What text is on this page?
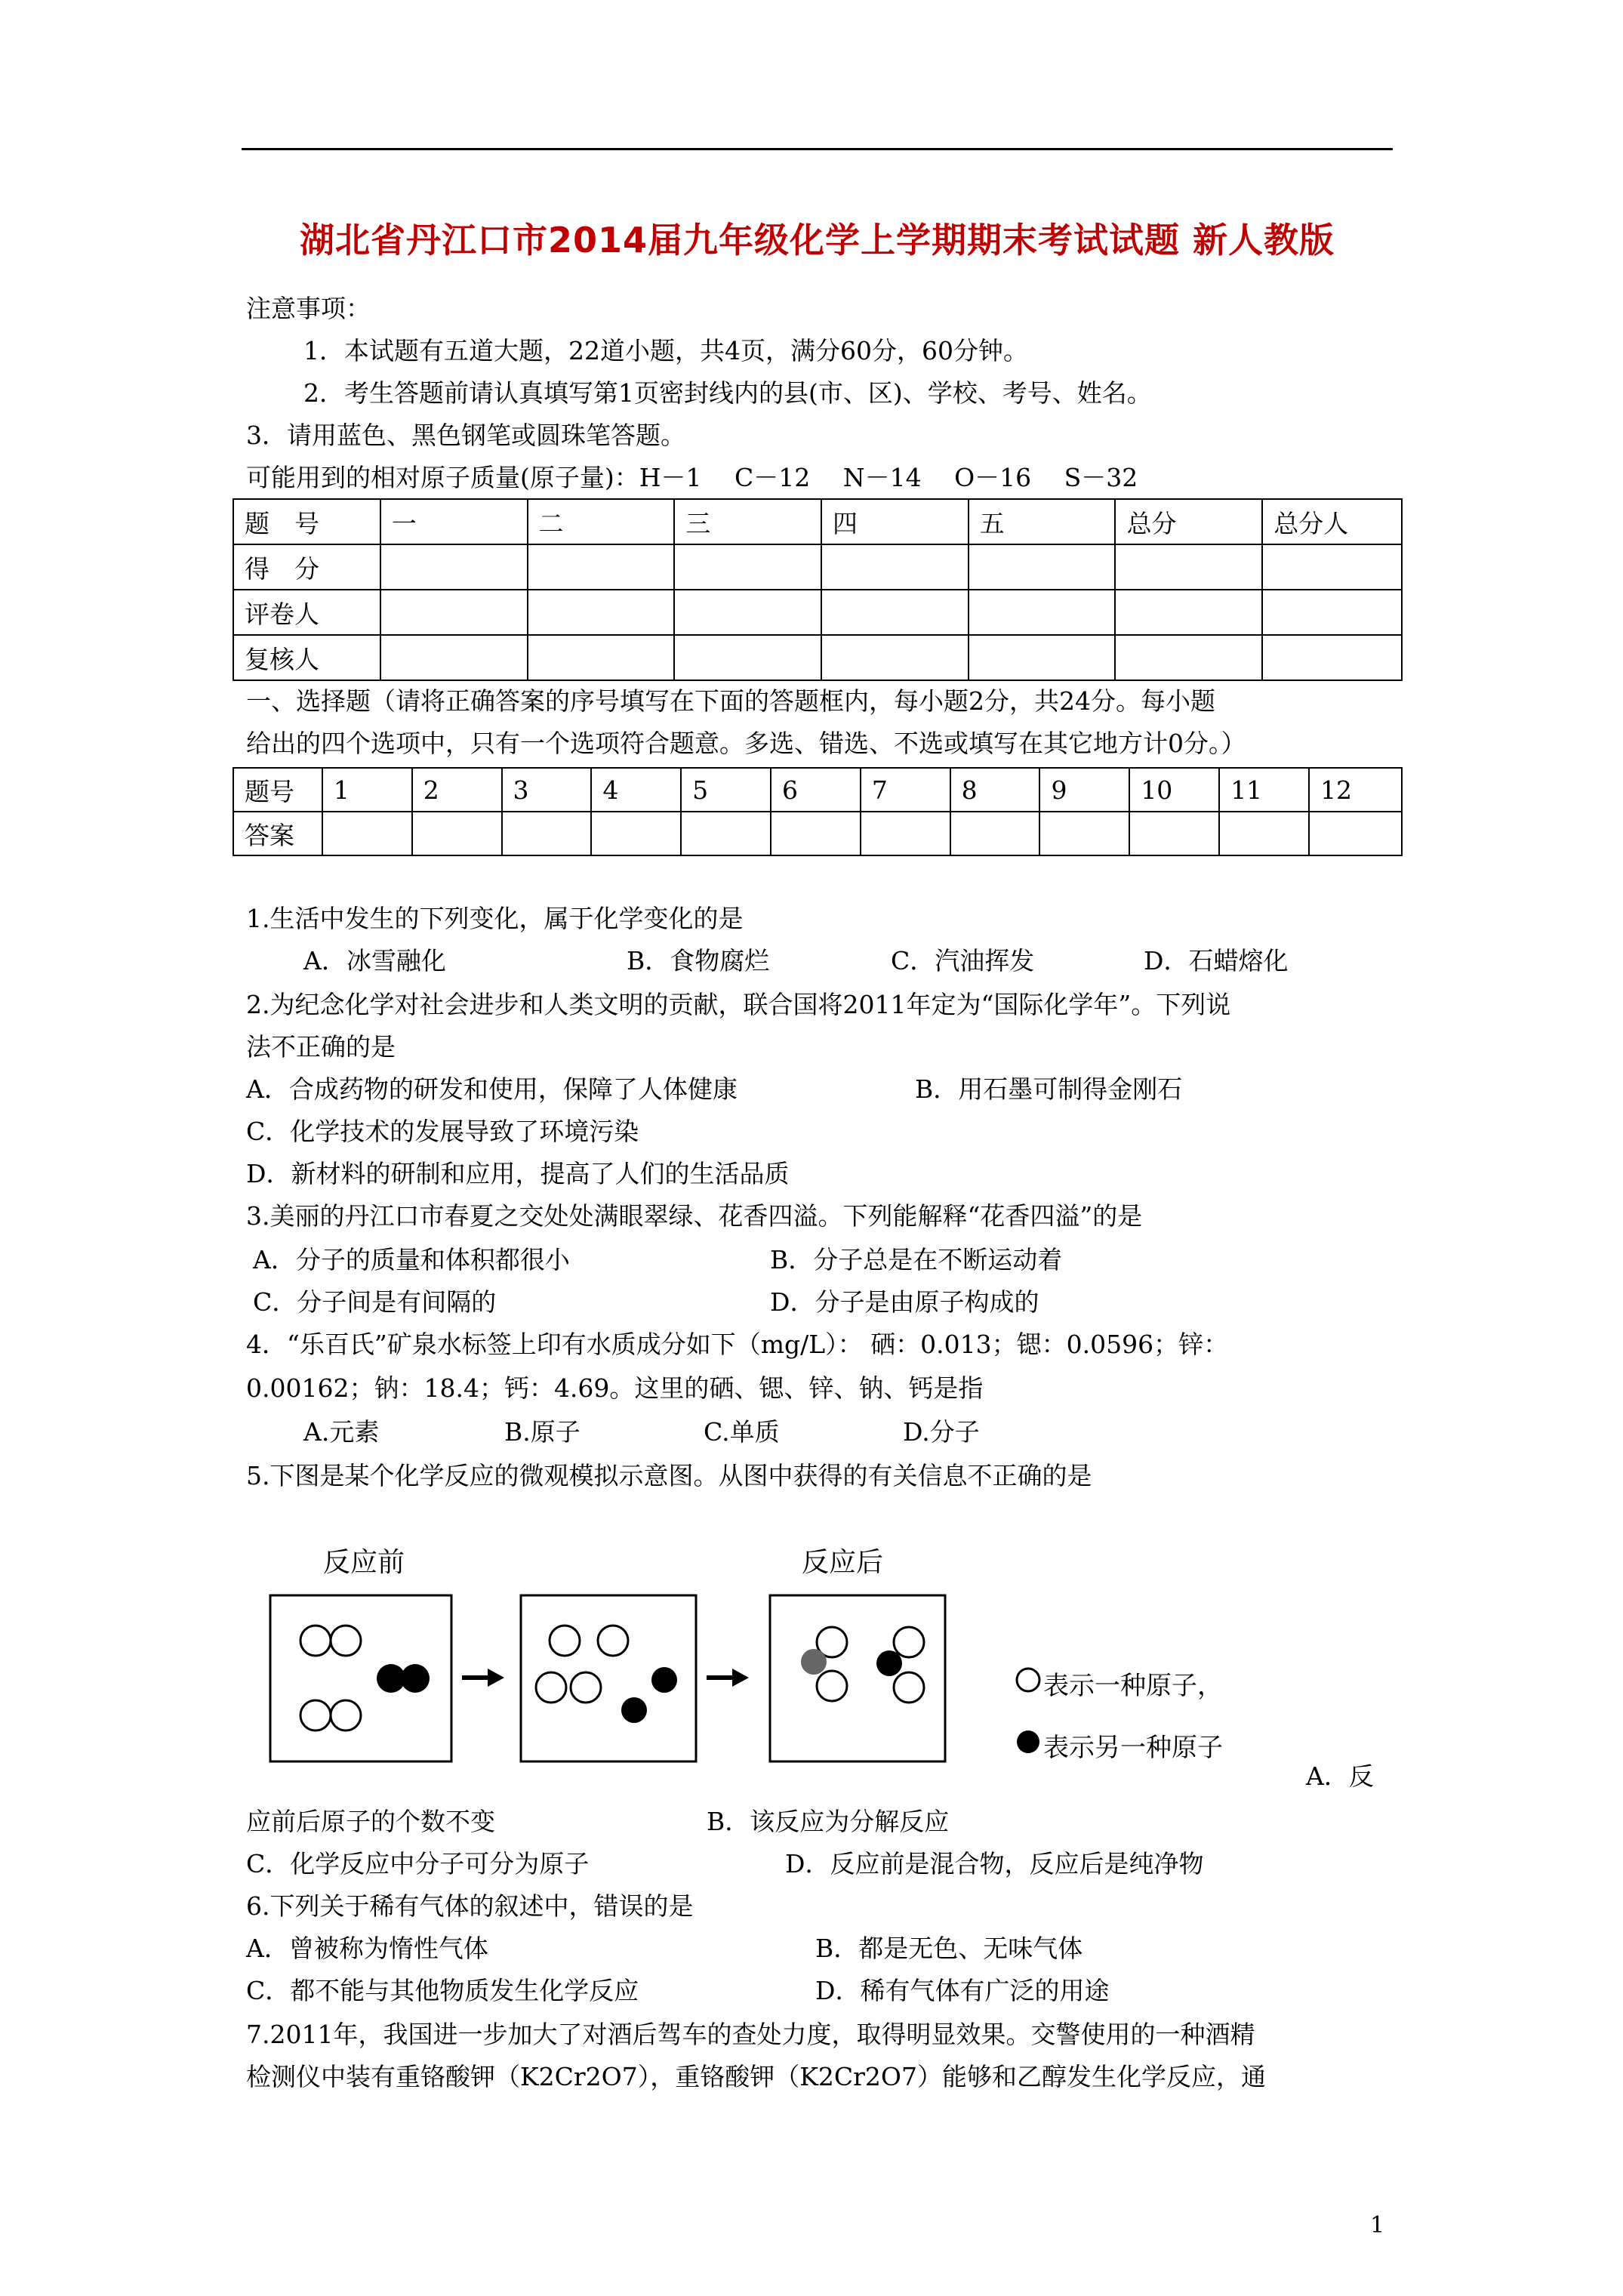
湖北省丹江口市2014届九年级化学上学期期末考试试题 新人教版
注意事项：
1．本试题有五道大题，22道小题，共4页，满分60分，60分钟。
2．考生答题前请认真填写第1页密封线内的县(市、区)、学校、考号、姓名。
3．请用蓝色、黑色钢笔或圆珠笔答题。
可能用到的相对原子质量(原子量)：H－1　 C－12　 N－14　 O－16　 S－32
题　号	一	二	三	四	五	总分	总分人
得　分							
评卷人							
复核人							
一、选择题（请将正确答案的序号填写在下面的答题框内，每小题2分，共24分。每小题
给出的四个选项中，只有一个选项符合题意。多选、错选、不选或填写在其它地方计0分。）
题号	1	2	3	4	5	6	7	8	9	10	11	12
答案												
1.生活中发生的下列变化，属于化学变化的是
A．冰雪融化	B．食物腐烂	C．汽油挥发	D．石蜡熔化
2.为纪念化学对社会进步和人类文明的贡献，联合国将2011年定为“国际化学年”。下列说
法不正确的是
A．合成药物的研发和使用，保障了人体健康	B．用石墨可制得金刚石
C．化学技术的发展导致了环境污染
D．新材料的研制和应用，提高了人们的生活品质
3.美丽的丹江口市春夏之交处处满眼翠绿、花香四溢。下列能解释“花香四溢”的是
A．分子的质量和体积都很小	B．分子总是在不断运动着
C．分子间是有间隔的	D．分子是由原子构成的
4．“乐百氏”矿泉水标签上印有水质成分如下（mg/L）： 硒：0.013；锶：0.0596；锌：
0.00162；钠：18.4；钙：4.69。这里的硒、锶、锌、钠、钙是指
A.元素	B.原子	C.单质	D.分子
5.下图是某个化学反应的微观模拟示意图。从图中获得的有关信息不正确的是
反应前	反应后
表示一种原子，
表示另一种原子
A．反
应前后原子的个数不变	B．该反应为分解反应
C．化学反应中分子可分为原子	D．反应前是混合物，反应后是纯净物
6.下列关于稀有气体的叙述中，错误的是
A．曾被称为惰性气体	B．都是无色、无味气体
C．都不能与其他物质发生化学反应	D．稀有气体有广泛的用途
7.2011年，我国进一步加大了对酒后驾车的查处力度，取得明显效果。交警使用的一种酒精
检测仪中装有重铬酸钾（K2Cr2O7），重铬酸钾（K2Cr2O7）能够和乙醇发生化学反应，通
1
